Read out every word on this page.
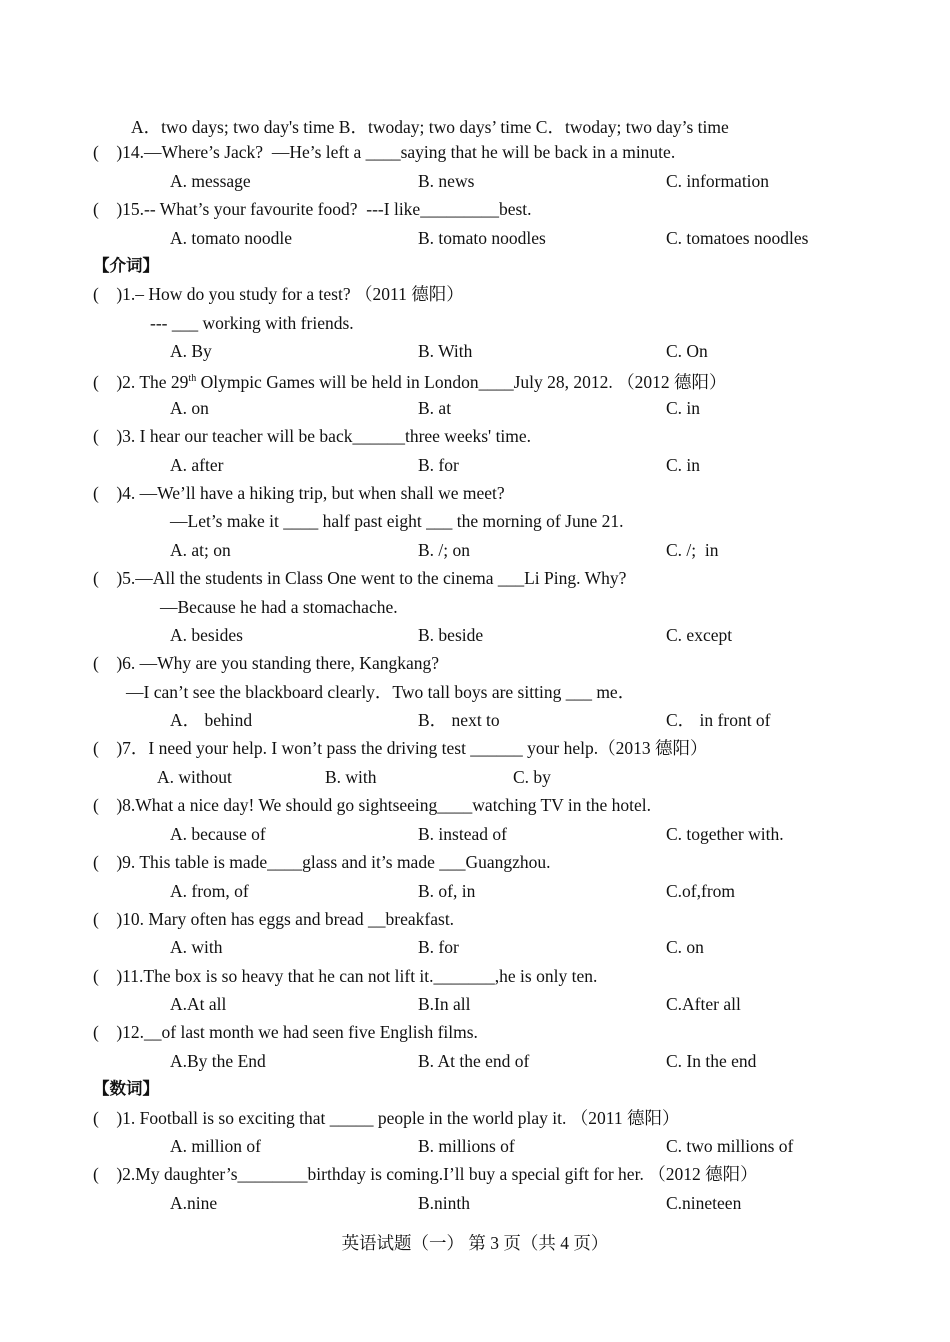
A．two days; two day's time B．twoday; two days’ time C．twoday; two day’s time
(    )14.—Where’s Jack?  —He’s left a ____saying that he will be back in a minute.
A. message	B. news	C. information
(    )15.-- What’s your favourite food?  ---I like_________best.
A. tomato noodle	B. tomato noodles	C. tomatoes noodles
【介词】
(    )1.– How do you study for a test? （2011 德阳）
--- ___ working with friends.
A. By	B. With	C. On
(    )2. The 29th Olympic Games will be held in London____July 28, 2012. （2012 德阳）
A. on	B. at	C. in
(    )3. I hear our teacher will be back______three weeks' time.
A. after	B. for	C. in
(    )4. —We’ll have a hiking trip, but when shall we meet?
—Let’s make it ____ half past eight ___ the morning of June 21.
A. at; on	B. /; on	C. /;  in
(    )5.—All the students in Class One went to the cinema ___Li Ping. Why?
—Because he had a stomachache.
A. besides	B. beside	C. except
(    )6. —Why are you standing there, Kangkang?
—I can’t see the blackboard clearly．Two tall boys are sitting ___ me．
A． behind	B． next to	C． in front of
(    )7．I need your help. I won’t pass the driving test ______ your help.（2013 德阳）
A. without	B. with	C. by
(    )8.What a nice day! We should go sightseeing____watching TV in the hotel.
A. because of	B. instead of	C. together with.
(    )9. This table is made____glass and it’s made ___Guangzhou.
A. from, of	B. of, in	C.of,from
(    )10. Mary often has eggs and bread __breakfast.
A. with	B. for	C. on
(    )11.The box is so heavy that he can not lift it._______,he is only ten.
A.At all	B.In all	C.After all
(    )12.__of last month we had seen five English films.
A.By the End	B. At the end of	C. In the end
【数词】
(    )1. Football is so exciting that _____ people in the world play it. （2011 德阳）
A. million of	B. millions of	C. two millions of
(    )2.My daughter’s________birthday is coming.I’ll buy a special gift for her. （2012 德阳）
A.nine	B.ninth	C.nineteen
英语试题（一） 第 3 页（共 4 页）
